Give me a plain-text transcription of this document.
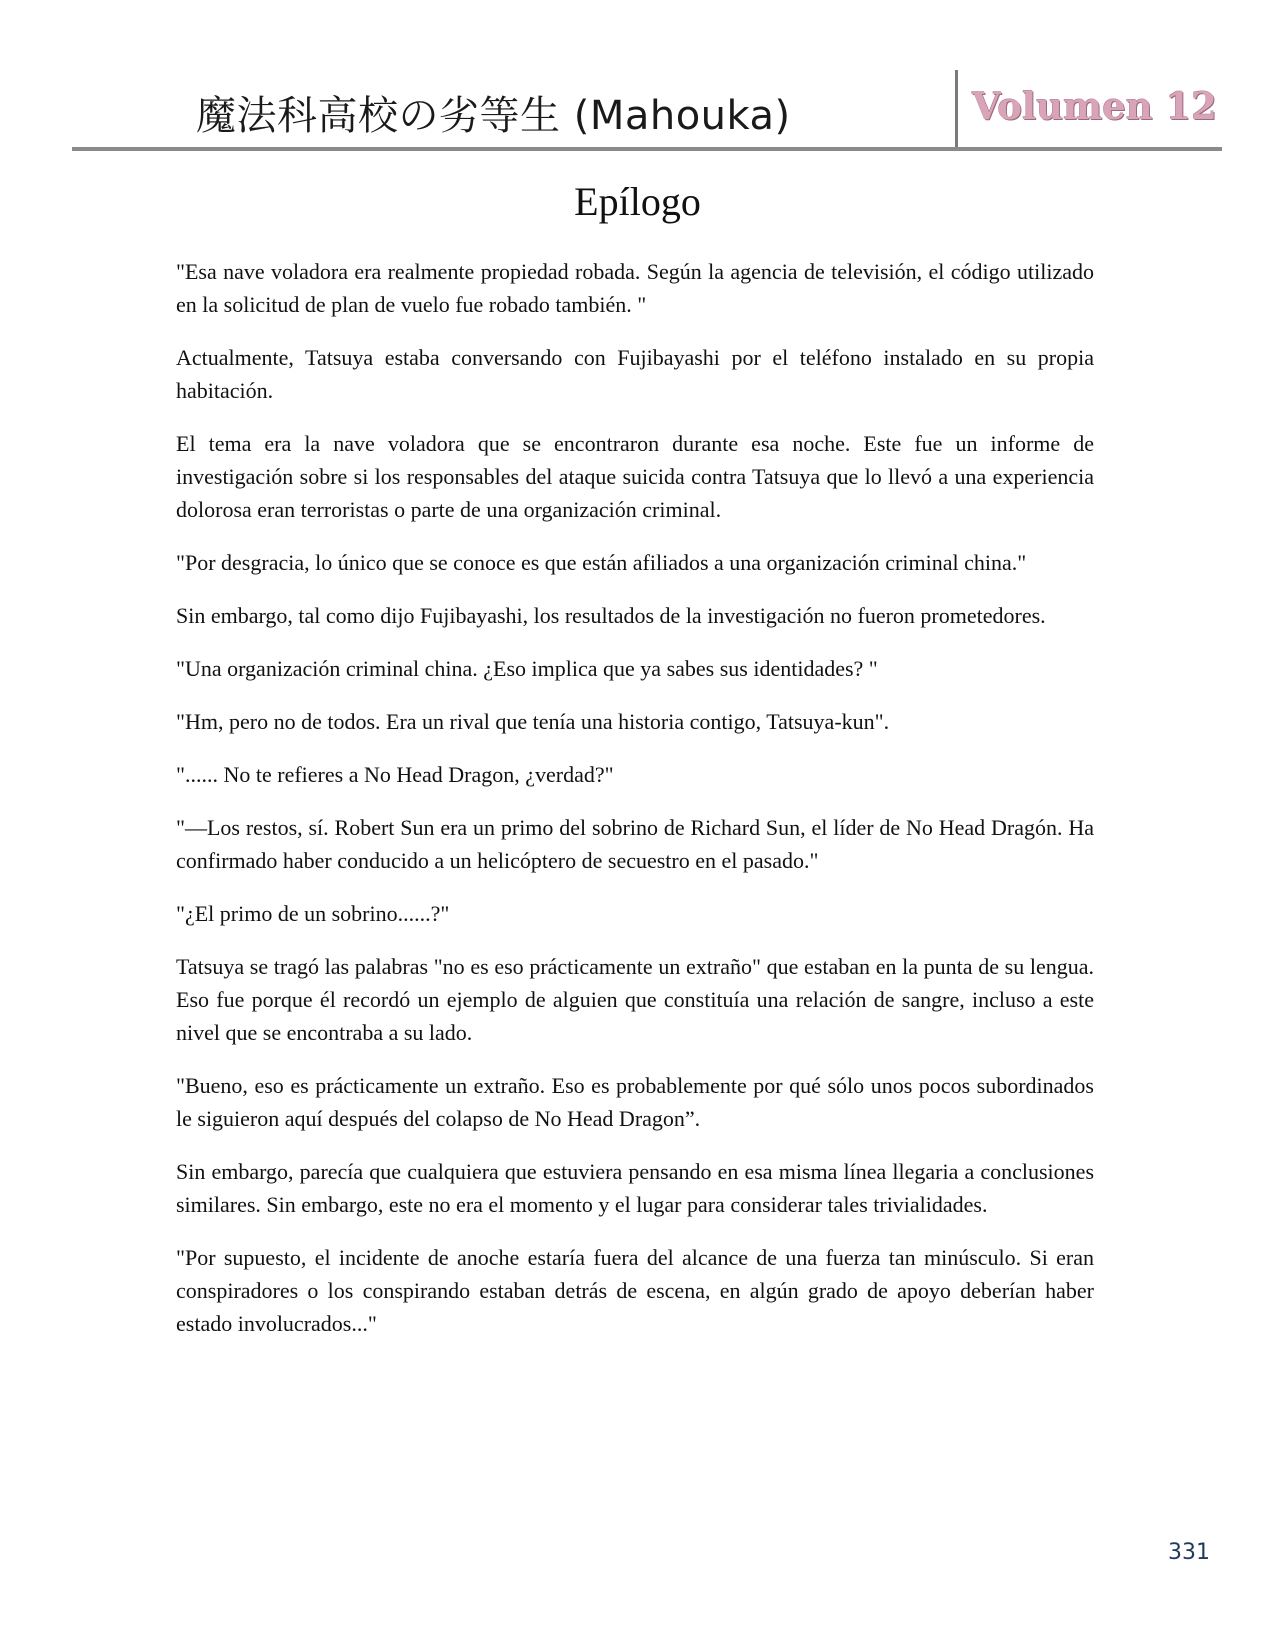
魔法科高校の劣等生 (Mahouka)	Volumen 12
Epílogo

"Esa nave voladora era realmente propiedad robada. Según la agencia de televisión, el código utilizado en la solicitud de plan de vuelo fue robado también. "

Actualmente, Tatsuya estaba conversando con Fujibayashi por el teléfono instalado en su propia habitación.

El tema era la nave voladora que se encontraron durante esa noche. Este fue un informe de investigación sobre si los responsables del ataque suicida contra Tatsuya que lo llevó a una experiencia dolorosa eran terroristas o parte de una organización criminal.

"Por desgracia, lo único que se conoce es que están afiliados a una organización criminal china."

Sin embargo, tal como dijo Fujibayashi, los resultados de la investigación no fueron prometedores.

"Una organización criminal china. ¿Eso implica que ya sabes sus identidades? "

"Hm, pero no de todos. Era un rival que tenía una historia contigo, Tatsuya-kun".

"...... No te refieres a No Head Dragon, ¿verdad?"

"—Los restos, sí. Robert Sun era un primo del sobrino de Richard Sun, el líder de No Head Dragón. Ha confirmado haber conducido a un helicóptero de secuestro en el pasado."

"¿El primo de un sobrino......?"

Tatsuya se tragó las palabras "no es eso prácticamente un extraño" que estaban en la punta de su lengua. Eso fue porque él recordó un ejemplo de alguien que constituía una relación de sangre, incluso a este nivel que se encontraba a su lado.

"Bueno, eso es prácticamente un extraño. Eso es probablemente por qué sólo unos pocos subordinados le siguieron aquí después del colapso de No Head Dragon”.

Sin embargo, parecía que cualquiera que estuviera pensando en esa misma línea llegaria a conclusiones similares. Sin embargo, este no era el momento y el lugar para considerar tales trivialidades.

"Por supuesto, el incidente de anoche estaría fuera del alcance de una fuerza tan minúsculo. Si eran conspiradores o los conspirando estaban detrás de escena, en algún grado de apoyo deberían haber estado involucrados..."

331
